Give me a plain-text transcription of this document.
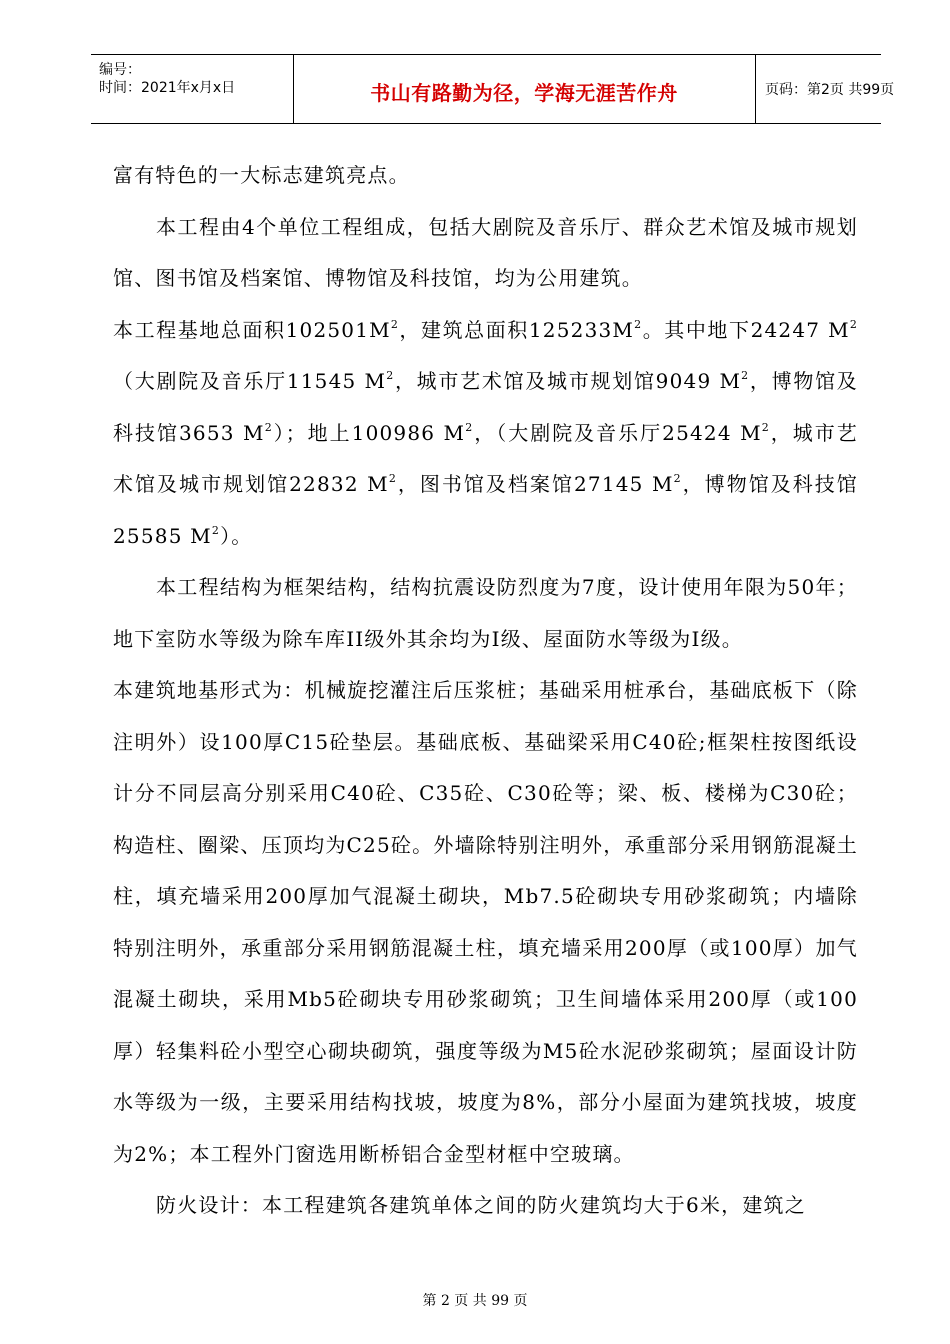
编号：
时间：2021年x月x日	书山有路勤为径，学海无涯苦作舟	页码：第2页 共99页

富有特色的一大标志建筑亮点。

本工程由4个单位工程组成，包括大剧院及音乐厅、群众艺术馆及城市规划馆、图书馆及档案馆、博物馆及科技馆，均为公用建筑。

本工程基地总面积$102501M^2$，建筑总面积$125233M^2$。其中地下24247 $M^2$（大剧院及音乐厅11545 $M^2$，城市艺术馆及城市规划馆9049 $M^2$，博物馆及科技馆3653 $M^2$）；地上100986 $M^2$，（大剧院及音乐厅25424 $M^2$，城市艺术馆及城市规划馆22832 $M^2$，图书馆及档案馆27145 $M^2$，博物馆及科技馆25585 $M^2$）。

本工程结构为框架结构，结构抗震设防烈度为7度，设计使用年限为50年；地下室防水等级为除车库II级外其余均为Ⅰ级、屋面防水等级为Ⅰ级。

本建筑地基形式为：机械旋挖灌注后压浆桩；基础采用桩承台，基础底板下（除注明外）设100厚C15砼垫层。基础底板、基础梁采用C40砼;框架柱按图纸设计分不同层高分别采用C40砼、C35砼、C30砼等；梁、板、楼梯为C30砼；构造柱、圈梁、压顶均为C25砼。外墙除特别注明外，承重部分采用钢筋混凝土柱，填充墙采用200厚加气混凝土砌块，Mb7.5砼砌块专用砂浆砌筑；内墙除特别注明外，承重部分采用钢筋混凝土柱，填充墙采用200厚（或100厚）加气混凝土砌块，采用Mb5砼砌块专用砂浆砌筑；卫生间墙体采用200厚（或100厚）轻集料砼小型空心砌块砌筑，强度等级为M5砼水泥砂浆砌筑；屋面设计防水等级为一级，主要采用结构找坡，坡度为8%，部分小屋面为建筑找坡，坡度为2%；本工程外门窗选用断桥铝合金型材框中空玻璃。

防火设计：本工程建筑各建筑单体之间的防火建筑均大于6米，建筑之

第 2 页 共 99 页
